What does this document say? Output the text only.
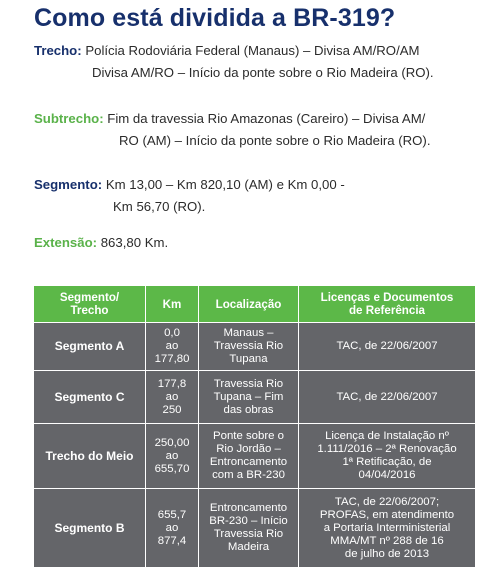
Como está dividida a BR-319?
Trecho: Polícia Rodoviária Federal (Manaus) – Divisa AM/RO/AM
Divisa AM/RO – Início da ponte sobre o Rio Madeira (RO).
Subtrecho: Fim da travessia Rio Amazonas (Careiro) – Divisa AM/
RO (AM) – Início da ponte sobre o Rio Madeira (RO).
Segmento: Km 13,00 – Km 820,10 (AM) e Km 0,00 -
Km 56,70 (RO).
Extensão: 863,80 Km.
Segmento/
Trecho	Km	Localização	Licenças e Documentos
de Referência
Segmento A	0,0
ao
177,80	Manaus –
Travessia Rio
Tupana	TAC, de 22/06/2007

Segmento C	177,8
ao
250	Travessia Rio
Tupana – Fim
das obras	TAC, de 22/06/2007

Trecho do Meio	250,00
ao
655,70	Ponte sobre o
Rio Jordão –
Entroncamento
com a BR-230	Licença de Instalação nº
1.111/2016 – 2ª Renovação
1ª Retificação, de
04/04/2016

Segmento B	655,7
ao
877,4	Entroncamento
BR-230 – Início
Travessia Rio
Madeira	TAC, de 22/06/2007;
PROFAS, em atendimento
a Portaria Interministerial
MMA/MT nº 288 de 16
de julho de 2013
